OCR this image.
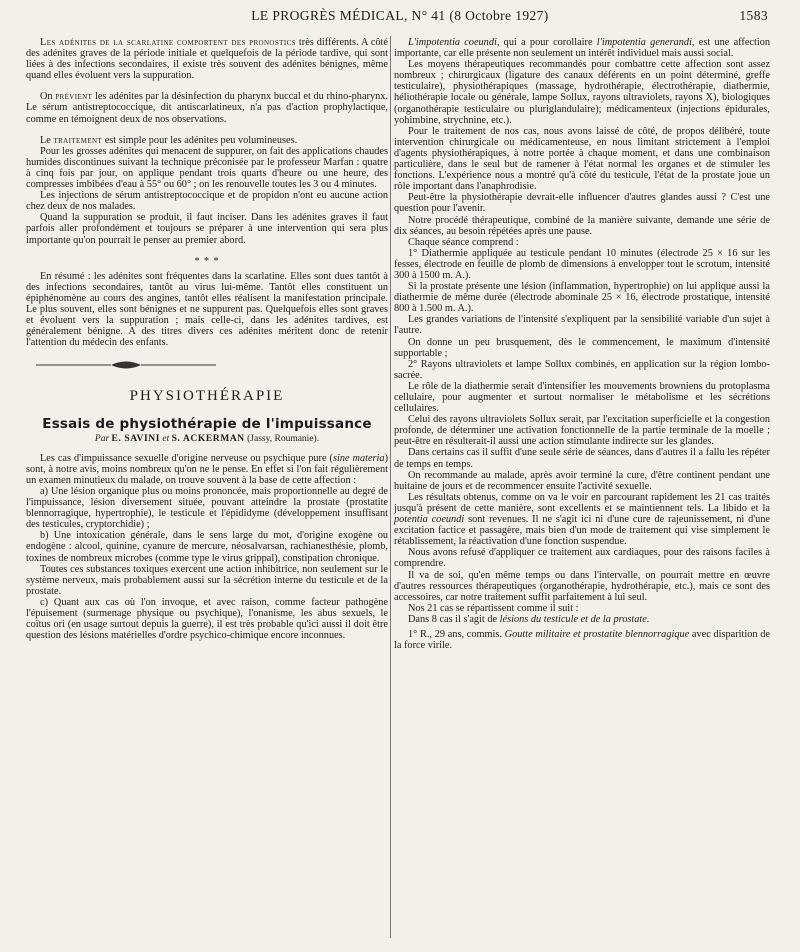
LE PROGRÈS MÉDICAL, N° 41 (8 Octobre 1927)	1583

Les adénites de la scarlatine comportent des pronostics très différents. A côté des adénites graves de la période initiale et quelquefois de la période tardive, qui sont liées à des infections secondaires, il existe très souvent des adénites bénignes, même quand elles évoluent vers la suppuration.

On prévient les adénites par la désinfection du pharynx buccal et du rhino-pharynx. Le sérum antistreptococcique, dit antiscarlatineux, n'a pas d'action prophylactique, comme en témoignent deux de nos observations.

Le traitement est simple pour les adénites peu volumineuses.

Pour les grosses adénites qui menacent de suppurer, on fait des applications chaudes humides discontinues suivant la technique préconisée par le professeur Marfan : quatre à cinq fois par jour, on applique pendant trois quarts d'heure ou une heure, des compresses imbibées d'eau à 55° ou 60° ; on les renouvelle toutes les 3 ou 4 minutes.

Les injections de sérum antistreptococcique et de propidon n'ont eu aucune action chez deux de nos malades.

Quand la suppuration se produit, il faut inciser. Dans les adénites graves il faut parfois aller profondément et toujours se préparer à une intervention qui sera plus importante qu'on pourrait le penser au premier abord.

* * *

En résumé : les adénites sont fréquentes dans la scarlatine. Elles sont dues tantôt à des infections secondaires, tantôt au virus lui-même. Tantôt elles constituent un épiphénomène au cours des angines, tantôt elles réalisent la manifestation principale. Le plus souvent, elles sont bénignes et ne suppurent pas. Quelquefois elles sont graves et évoluent vers la suppuration ; mais celle-ci, dans les adénites tardives, est généralement bénigne. A des titres divers ces adénites méritent donc de retenir l'attention du médecin des enfants.

PHYSIOTHÉRAPIE
Essais de physiothérapie de l'impuissance
Par E. SAVINI et S. ACKERMAN (Jassy, Roumanie).

Les cas d'impuissance sexuelle d'origine nerveuse ou psychique pure (sine materia) sont, à notre avis, moins nombreux qu'on ne le pense. En effet si l'on fait régulièrement un examen minutieux du malade, on trouve souvent à la base de cette affection :

a) Une lésion organique plus ou moins prononcée, mais proportionnelle au degré de l'impuissance, lésion diversement située, pouvant atteindre la prostate (prostatite blennorragique, hypertrophie), le testicule et l'épididyme (développement insuffisant des testicules, cryptorchidie) ;

b) Une intoxication générale, dans le sens large du mot, d'origine exogène ou endogène : alcool, quinine, cyanure de mercure, néosalvarsan, rachianesthésie, plomb, toxines de nombreux microbes (comme type le virus grippal), constipation chronique.

Toutes ces substances toxiques exercent une action inhibitrice, non seulement sur le système nerveux, mais probablement aussi sur la sécrétion interne du testicule et de la prostate.

c) Quant aux cas où l'on invoque, et avec raison, comme facteur pathogène l'épuisement (surmenage physique ou psychique), l'onanisme, les abus sexuels, le coïtus ori (en usage surtout depuis la guerre), il est très probable qu'ici aussi il doit être question des lésions matérielles d'ordre psychico-chimique encore inconnues.

L'impotentia coeundi, qui a pour corollaire l'impotentia generandi, est une affection importante, car elle présente non seulement un intérêt individuel mais aussi social.

Les moyens thérapeutiques recommandés pour combattre cette affection sont assez nombreux ; chirurgicaux (ligature des canaux déférents en un point déterminé, greffe testiculaire), physiothérapiques (massage, hydrothérapie, électrothérapie, diathermie, héliothérapie locale ou générale, lampe Sollux, rayons ultraviolets, rayons X), biologiques (organothérapie testiculaire ou pluriglandulaire); médicamenteux (injections épidurales, yohimbine, strychnine, etc.).

Pour le traitement de nos cas, nous avons laissé de côté, de propos délibéré, toute intervention chirurgicale ou médicamenteuse, en nous limitant strictement à l'emploi d'agents physiothérapiques, à notre portée à chaque moment, et dans une combinaison particulière, dans le seul but de ramener à l'état normal les organes et de stimuler les fonctions. L'expérience nous a montré qu'à côté du testicule, l'état de la prostate joue un rôle important dans l'anaphrodisie.

Peut-être la physiothérapie devrait-elle influencer d'autres glandes aussi ? C'est une question pour l'avenir.

Notre procédé thérapeutique, combiné de la manière suivante, demande une série de dix séances, au besoin répétées après une pause.

Chaque séance comprend :

1° Diathermie appliquée au testicule pendant 10 minutes (électrode 25 × 16 sur les fesses, électrode en feuille de plomb de dimensions à envelopper tout le scrotum, intensité 300 à 1500 m. A.).

Si la prostate présente une lésion (inflammation, hypertrophie) on lui applique aussi la diathermie de même durée (électrode abominale 25 × 16, électrode prostatique, intensité 800 à 1.500 m. A.).

Les grandes variations de l'intensité s'expliquent par la sensibilité variable d'un sujet à l'autre.

On donne un peu brusquement, dès le commencement, le maximum d'intensité supportable ;

2° Rayons ultraviolets et lampe Sollux combinés, en application sur la région lombo-sacrée.

Le rôle de la diathermie serait d'intensifier les mouvements browniens du protoplasma cellulaire, pour augmenter et surtout normaliser le métabolisme et les sécrétions cellulaires.

Celui des rayons ultraviolets Sollux serait, par l'excitation superficielle et la congestion profonde, de déterminer une activation fonctionnelle de la partie terminale de la moelle ; peut-être en résulterait-il aussi une action stimulante indirecte sur les glandes.

Dans certains cas il suffit d'une seule série de séances, dans d'autres il a fallu les répéter de temps en temps.

On recommande au malade, après avoir terminé la cure, d'être continent pendant une huitaine de jours et de recommencer ensuite l'activité sexuelle.

Les résultats obtenus, comme on va le voir en parcourant rapidement les 21 cas traités jusqu'à présent de cette manière, sont excellents et se maintiennent tels. La libido et la potentia coeundi sont revenues. Il ne s'agit ici ni d'une cure de rajeunissement, ni d'une excitation factice et passagère, mais bien d'un mode de traitement qui vise simplement le rétablissement, la réactivation d'une fonction suspendue.

Nous avons refusé d'appliquer ce traitement aux cardiaques, pour des raisons faciles à comprendre.

Il va de soi, qu'en même temps ou dans l'intervalle, on pourrait mettre en œuvre d'autres ressources thérapeutiques (organothérapie, hydrothérapie, etc.), mais ce sont des accessoires, car notre traitement suffit parfaitement à lui seul.

Nos 21 cas se répartissent comme il suit :

Dans 8 cas il s'agit de lésions du testicule et de la prostate.

1° R., 29 ans, commis. Goutte militaire et prostatite blennorragique avec disparition de la force virile.
